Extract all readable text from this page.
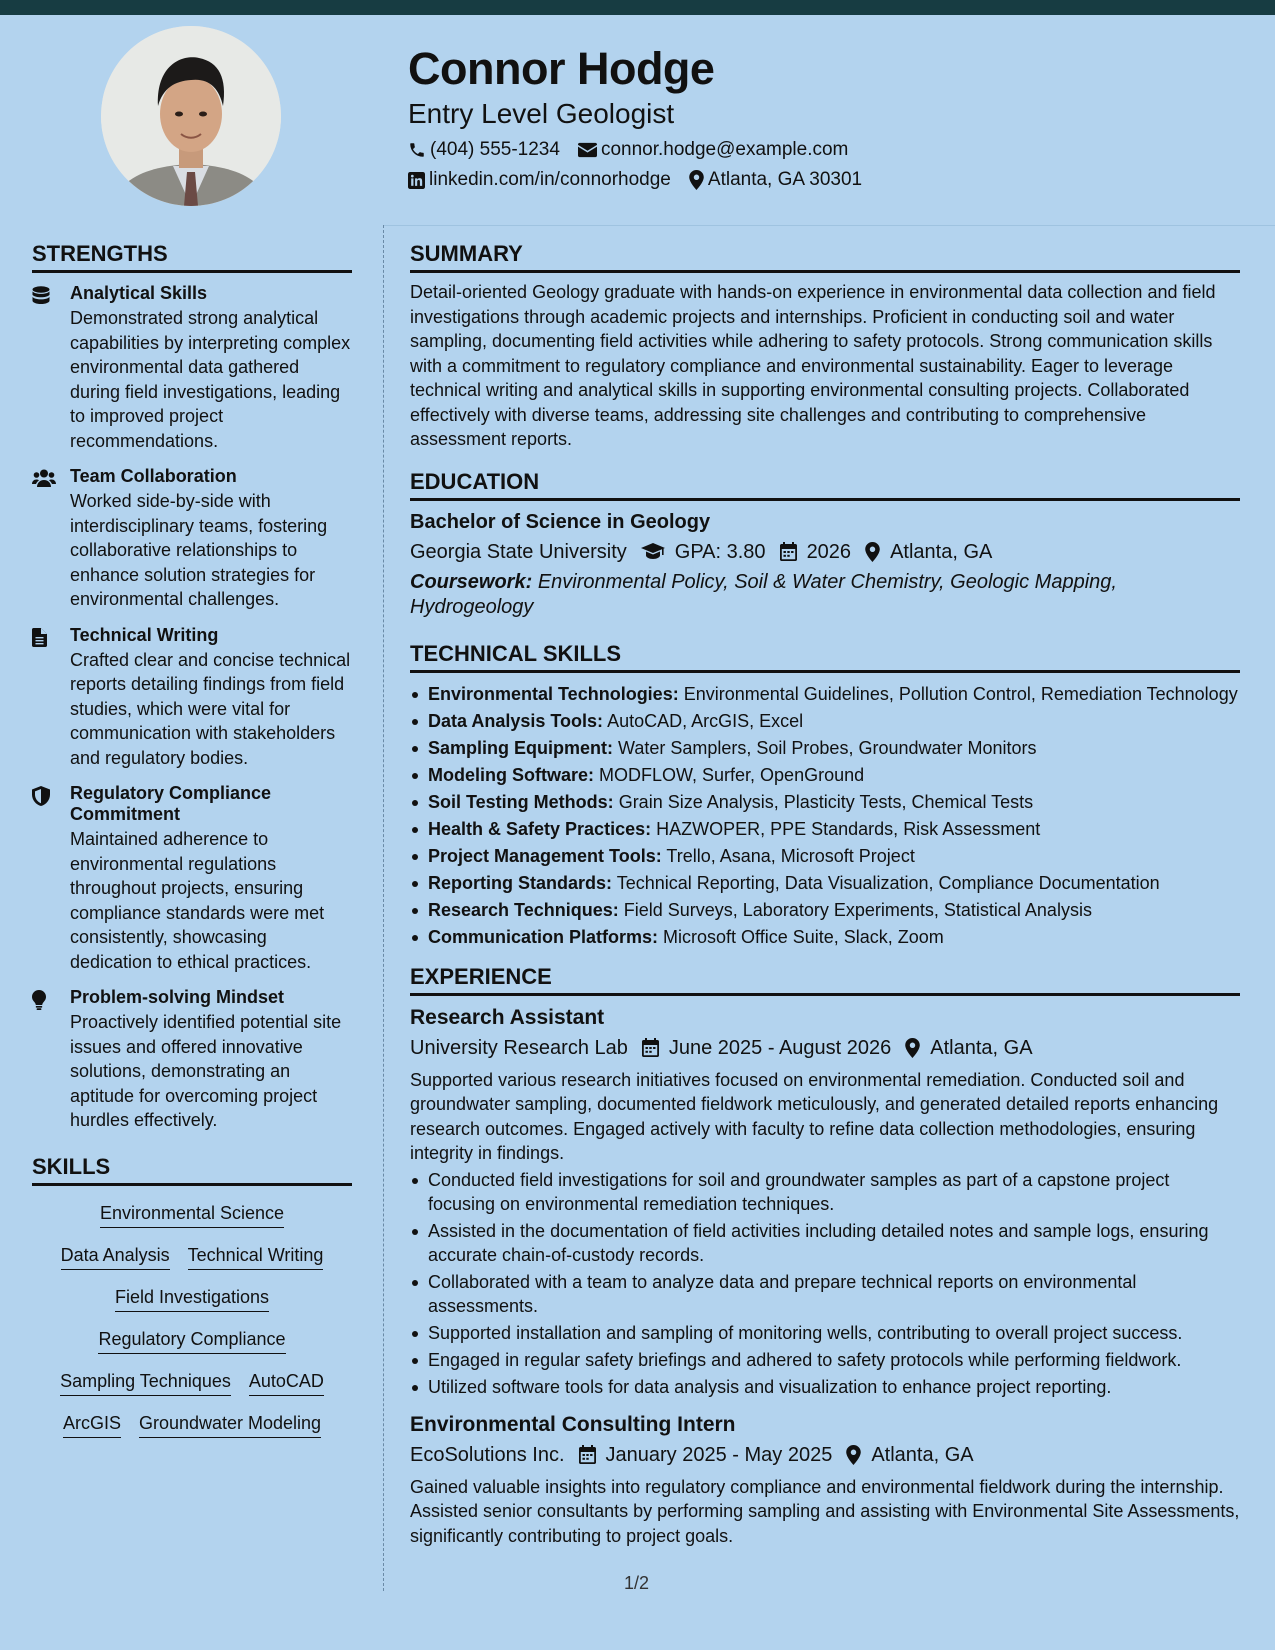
Connor Hodge
Entry Level Geologist
(404) 555-1234 connor.hodge@example.com
linkedin.com/in/connorhodge Atlanta, GA 30301
STRENGTHS
Analytical Skills
Demonstrated strong analytical capabilities by interpreting complex environmental data gathered during field investigations, leading to improved project recommendations.
Team Collaboration
Worked side-by-side with interdisciplinary teams, fostering collaborative relationships to enhance solution strategies for environmental challenges.
Technical Writing
Crafted clear and concise technical reports detailing findings from field studies, which were vital for communication with stakeholders and regulatory bodies.
Regulatory Compliance Commitment
Maintained adherence to environmental regulations throughout projects, ensuring compliance standards were met consistently, showcasing dedication to ethical practices.
Problem-solving Mindset
Proactively identified potential site issues and offered innovative solutions, demonstrating an aptitude for overcoming project hurdles effectively.
SKILLS
Environmental Science
Data Analysis Technical Writing
Field Investigations
Regulatory Compliance
Sampling Techniques AutoCAD
ArcGIS Groundwater Modeling
SUMMARY
Detail-oriented Geology graduate with hands-on experience in environmental data collection and field investigations through academic projects and internships. Proficient in conducting soil and water sampling, documenting field activities while adhering to safety protocols. Strong communication skills with a commitment to regulatory compliance and environmental sustainability. Eager to leverage technical writing and analytical skills in supporting environmental consulting projects. Collaborated effectively with diverse teams, addressing site challenges and contributing to comprehensive assessment reports.
EDUCATION
Bachelor of Science in Geology
Georgia State University GPA: 3.80 2026 Atlanta, GA
Coursework: Environmental Policy, Soil & Water Chemistry, Geologic Mapping, Hydrogeology
TECHNICAL SKILLS
Environmental Technologies: Environmental Guidelines, Pollution Control, Remediation Technology
Data Analysis Tools: AutoCAD, ArcGIS, Excel
Sampling Equipment: Water Samplers, Soil Probes, Groundwater Monitors
Modeling Software: MODFLOW, Surfer, OpenGround
Soil Testing Methods: Grain Size Analysis, Plasticity Tests, Chemical Tests
Health & Safety Practices: HAZWOPER, PPE Standards, Risk Assessment
Project Management Tools: Trello, Asana, Microsoft Project
Reporting Standards: Technical Reporting, Data Visualization, Compliance Documentation
Research Techniques: Field Surveys, Laboratory Experiments, Statistical Analysis
Communication Platforms: Microsoft Office Suite, Slack, Zoom
EXPERIENCE
Research Assistant
University Research Lab June 2025 - August 2026 Atlanta, GA
Supported various research initiatives focused on environmental remediation. Conducted soil and groundwater sampling, documented fieldwork meticulously, and generated detailed reports enhancing research outcomes. Engaged actively with faculty to refine data collection methodologies, ensuring integrity in findings.
Conducted field investigations for soil and groundwater samples as part of a capstone project focusing on environmental remediation techniques.
Assisted in the documentation of field activities including detailed notes and sample logs, ensuring accurate chain-of-custody records.
Collaborated with a team to analyze data and prepare technical reports on environmental assessments.
Supported installation and sampling of monitoring wells, contributing to overall project success.
Engaged in regular safety briefings and adhered to safety protocols while performing fieldwork.
Utilized software tools for data analysis and visualization to enhance project reporting.
Environmental Consulting Intern
EcoSolutions Inc. January 2025 - May 2025 Atlanta, GA
Gained valuable insights into regulatory compliance and environmental fieldwork during the internship. Assisted senior consultants by performing sampling and assisting with Environmental Site Assessments, significantly contributing to project goals.
1/2
